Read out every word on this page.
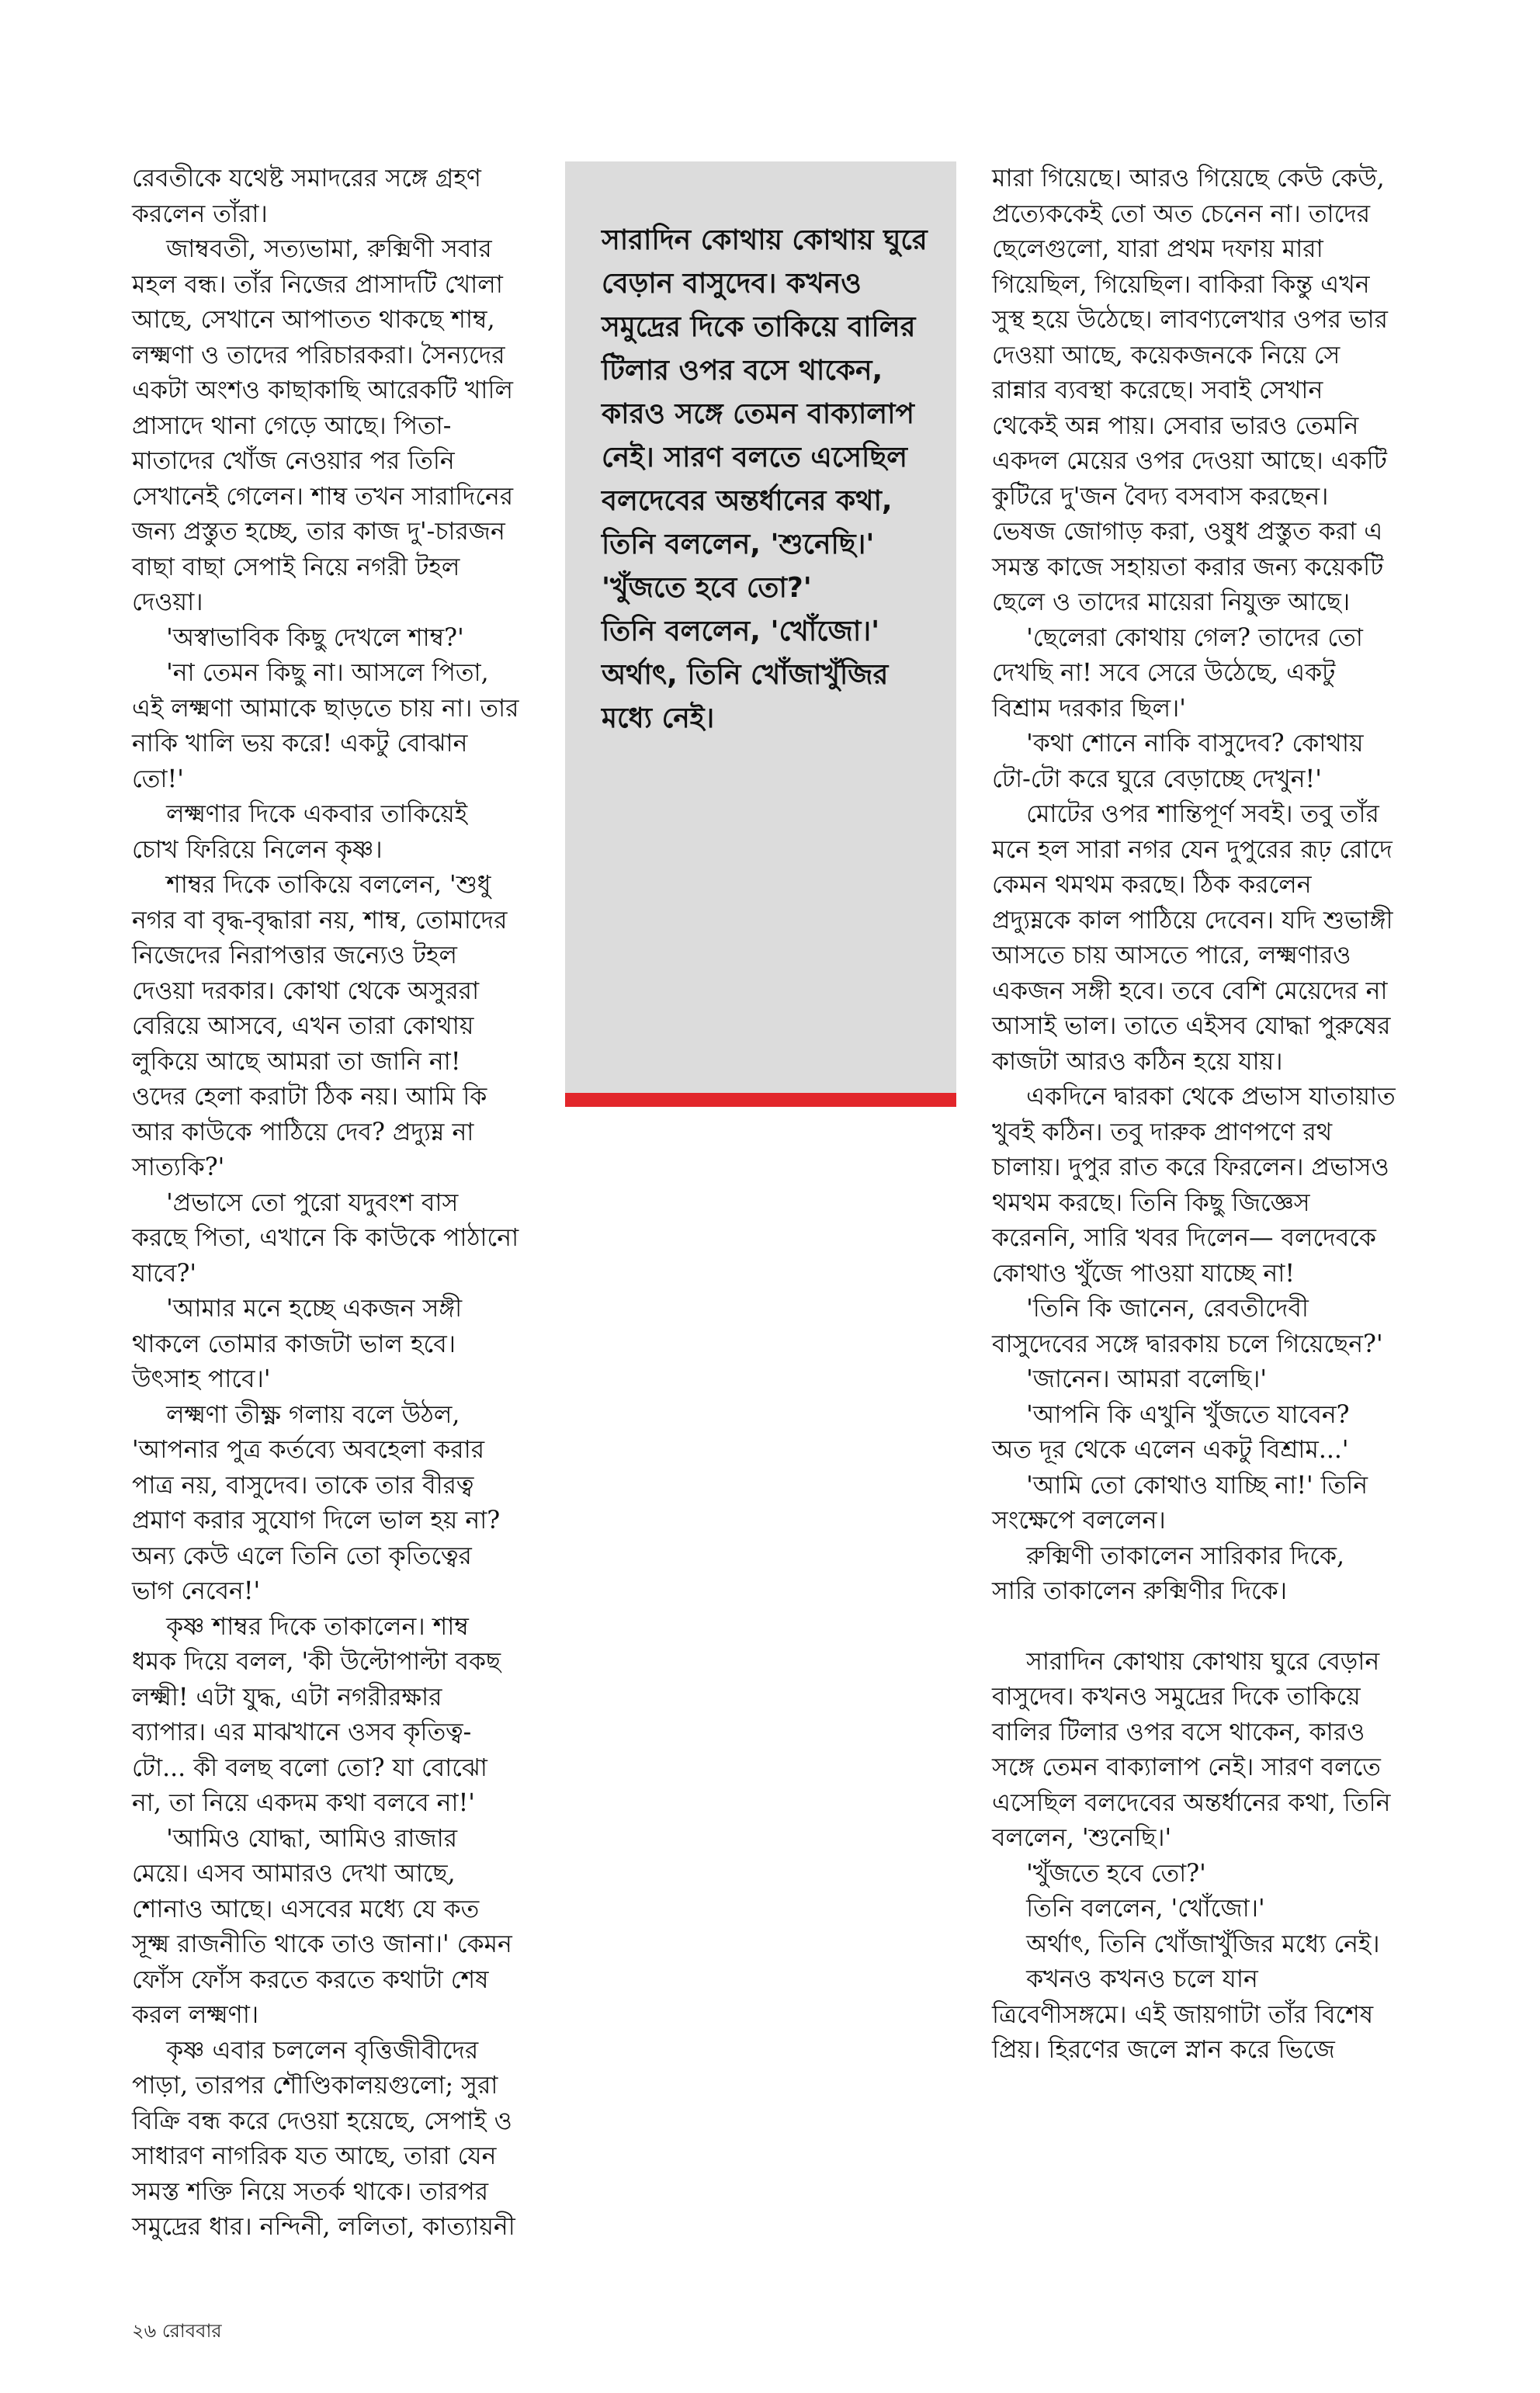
রেবতীকে যথেষ্ট সমাদরের সঙ্গে গ্রহণ করলেন তাঁরা।

জাম্ববতী, সত্যভামা, রুক্মিণী সবার মহল বন্ধ। তাঁর নিজের প্রাসাদটি খোলা আছে, সেখানে আপাতত থাকছে শাম্ব, লক্ষ্মণা ও তাদের পরিচারকরা। সৈন্যদের একটা অংশও কাছাকাছি আরেকটি খালি প্রাসাদে থানা গেড়ে আছে। পিতা-মাতাদের খোঁজ নেওয়ার পর তিনি সেখানেই গেলেন। শাম্ব তখন সারাদিনের জন্য প্রস্তুত হচ্ছে, তার কাজ দু'-চারজন বাছা বাছা সেপাই নিয়ে নগরী টহল দেওয়া।

'অস্বাভাবিক কিছু দেখলে শাম্ব?'

'না তেমন কিছু না। আসলে পিতা, এই লক্ষ্মণা আমাকে ছাড়তে চায় না। তার নাকি খালি ভয় করে! একটু বোঝান তো!'

লক্ষ্মণার দিকে একবার তাকিয়েই চোখ ফিরিয়ে নিলেন কৃষ্ণ।

শাম্বর দিকে তাকিয়ে বললেন, 'শুধু নগর বা বৃদ্ধ-বৃদ্ধারা নয়, শাম্ব, তোমাদের নিজেদের নিরাপত্তার জন্যেও টহল দেওয়া দরকার। কোথা থেকে অসুররা বেরিয়ে আসবে, এখন তারা কোথায় লুকিয়ে আছে আমরা তা জানি না! ওদের হেলা করাটা ঠিক নয়। আমি কি আর কাউকে পাঠিয়ে দেব? প্রদ্যুম্ন না সাত্যকি?'

'প্রভাসে তো পুরো যদুবংশ বাস করছে পিতা, এখানে কি কাউকে পাঠানো যাবে?'

'আমার মনে হচ্ছে একজন সঙ্গী থাকলে তোমার কাজটা ভাল হবে। উৎসাহ পাবে।'

লক্ষ্মণা তীক্ষ্ণ গলায় বলে উঠল, 'আপনার পুত্র কর্তব্যে অবহেলা করার পাত্র নয়, বাসুদেব। তাকে তার বীরত্ব প্রমাণ করার সুযোগ দিলে ভাল হয় না? অন্য কেউ এলে তিনি তো কৃতিত্বের ভাগ নেবেন!'

কৃষ্ণ শাম্বর দিকে তাকালেন। শাম্ব ধমক দিয়ে বলল, 'কী উল্টোপাল্টা বকছ লক্ষ্মী! এটা যুদ্ধ, এটা নগরীরক্ষার ব্যাপার। এর মাঝখানে ওসব কৃতিত্ব-টো... কী বলছ বলো তো? যা বোঝো না, তা নিয়ে একদম কথা বলবে না!'

'আমিও যোদ্ধা, আমিও রাজার মেয়ে। এসব আমারও দেখা আছে, শোনাও আছে। এসবের মধ্যে যে কত সূক্ষ্ম রাজনীতি থাকে তাও জানা।' কেমন ফোঁস ফোঁস করতে করতে কথাটা শেষ করল লক্ষ্মণা।

কৃষ্ণ এবার চললেন বৃত্তিজীবীদের পাড়া, তারপর শৌণ্ডিকালয়গুলো; সুরা বিক্রি বন্ধ করে দেওয়া হয়েছে, সেপাই ও সাধারণ নাগরিক যত আছে, তারা যেন সমস্ত শক্তি নিয়ে সতর্ক থাকে। তারপর সমুদ্রের ধার। নন্দিনী, ললিতা, কাত্যায়নী

সারাদিন কোথায় কোথায় ঘুরে বেড়ান বাসুদেব। কখনও সমুদ্রের দিকে তাকিয়ে বালির টিলার ওপর বসে থাকেন, কারও সঙ্গে তেমন বাক্যালাপ নেই। সারণ বলতে এসেছিল বলদেবের অন্তর্ধানের কথা, তিনি বললেন, 'শুনেছি।'

'খুঁজতে হবে তো?'

তিনি বললেন, 'খোঁজো।' অর্থাৎ, তিনি খোঁজাখুঁজির মধ্যে নেই।

মারা গিয়েছে। আরও গিয়েছে কেউ কেউ, প্রত্যেককেই তো অত চেনেন না। তাদের ছেলেগুলো, যারা প্রথম দফায় মারা গিয়েছিল, গিয়েছিল। বাকিরা কিন্তু এখন সুস্থ হয়ে উঠেছে। লাবণ্যলেখার ওপর ভার দেওয়া আছে, কয়েকজনকে নিয়ে সে রান্নার ব্যবস্থা করেছে। সবাই সেখান থেকেই অন্ন পায়। সেবার ভারও তেমনি একদল মেয়ের ওপর দেওয়া আছে। একটি কুটিরে দু'জন বৈদ্য বসবাস করছেন। ভেষজ জোগাড় করা, ওষুধ প্রস্তুত করা এ সমস্ত কাজে সহায়তা করার জন্য কয়েকটি ছেলে ও তাদের মায়েরা নিযুক্ত আছে।

'ছেলেরা কোথায় গেল? তাদের তো দেখছি না! সবে সেরে উঠেছে, একটু বিশ্রাম দরকার ছিল।'

'কথা শোনে নাকি বাসুদেব? কোথায় টো-টো করে ঘুরে বেড়াচ্ছে দেখুন!'

মোটের ওপর শান্তিপূর্ণ সবই। তবু তাঁর মনে হল সারা নগর যেন দুপুরের রূঢ় রোদে কেমন থমথম করছে। ঠিক করলেন প্রদ্যুম্নকে কাল পাঠিয়ে দেবেন। যদি শুভাঙ্গী আসতে চায় আসতে পারে, লক্ষ্মণারও একজন সঙ্গী হবে। তবে বেশি মেয়েদের না আসাই ভাল। তাতে এইসব যোদ্ধা পুরুষের কাজটা আরও কঠিন হয়ে যায়।

একদিনে দ্বারকা থেকে প্রভাস যাতায়াত খুবই কঠিন। তবু দারুক প্রাণপণে রথ চালায়। দুপুর রাত করে ফিরলেন। প্রভাসও থমথম করছে। তিনি কিছু জিজ্ঞেস করেননি, সারি খবর দিলেন— বলদেবকে কোথাও খুঁজে পাওয়া যাচ্ছে না!

'তিনি কি জানেন, রেবতীদেবী বাসুদেবের সঙ্গে দ্বারকায় চলে গিয়েছেন?'

'জানেন। আমরা বলেছি।'

'আপনি কি এখুনি খুঁজতে যাবেন? অত দূর থেকে এলেন একটু বিশ্রাম...'

'আমি তো কোথাও যাচ্ছি না!' তিনি সংক্ষেপে বললেন।

রুক্মিণী তাকালেন সারিকার দিকে, সারি তাকালেন রুক্মিণীর দিকে।

সারাদিন কোথায় কোথায় ঘুরে বেড়ান বাসুদেব। কখনও সমুদ্রের দিকে তাকিয়ে বালির টিলার ওপর বসে থাকেন, কারও সঙ্গে তেমন বাক্যালাপ নেই। সারণ বলতে এসেছিল বলদেবের অন্তর্ধানের কথা, তিনি বললেন, 'শুনেছি।'

'খুঁজতে হবে তো?'

তিনি বললেন, 'খোঁজো।'

অর্থাৎ, তিনি খোঁজাখুঁজির মধ্যে নেই।

কখনও কখনও চলে যান ত্রিবেণীসঙ্গমে। এই জায়গাটা তাঁর বিশেষ প্রিয়। হিরণের জলে স্নান করে ভিজে

২৬ রোববার
